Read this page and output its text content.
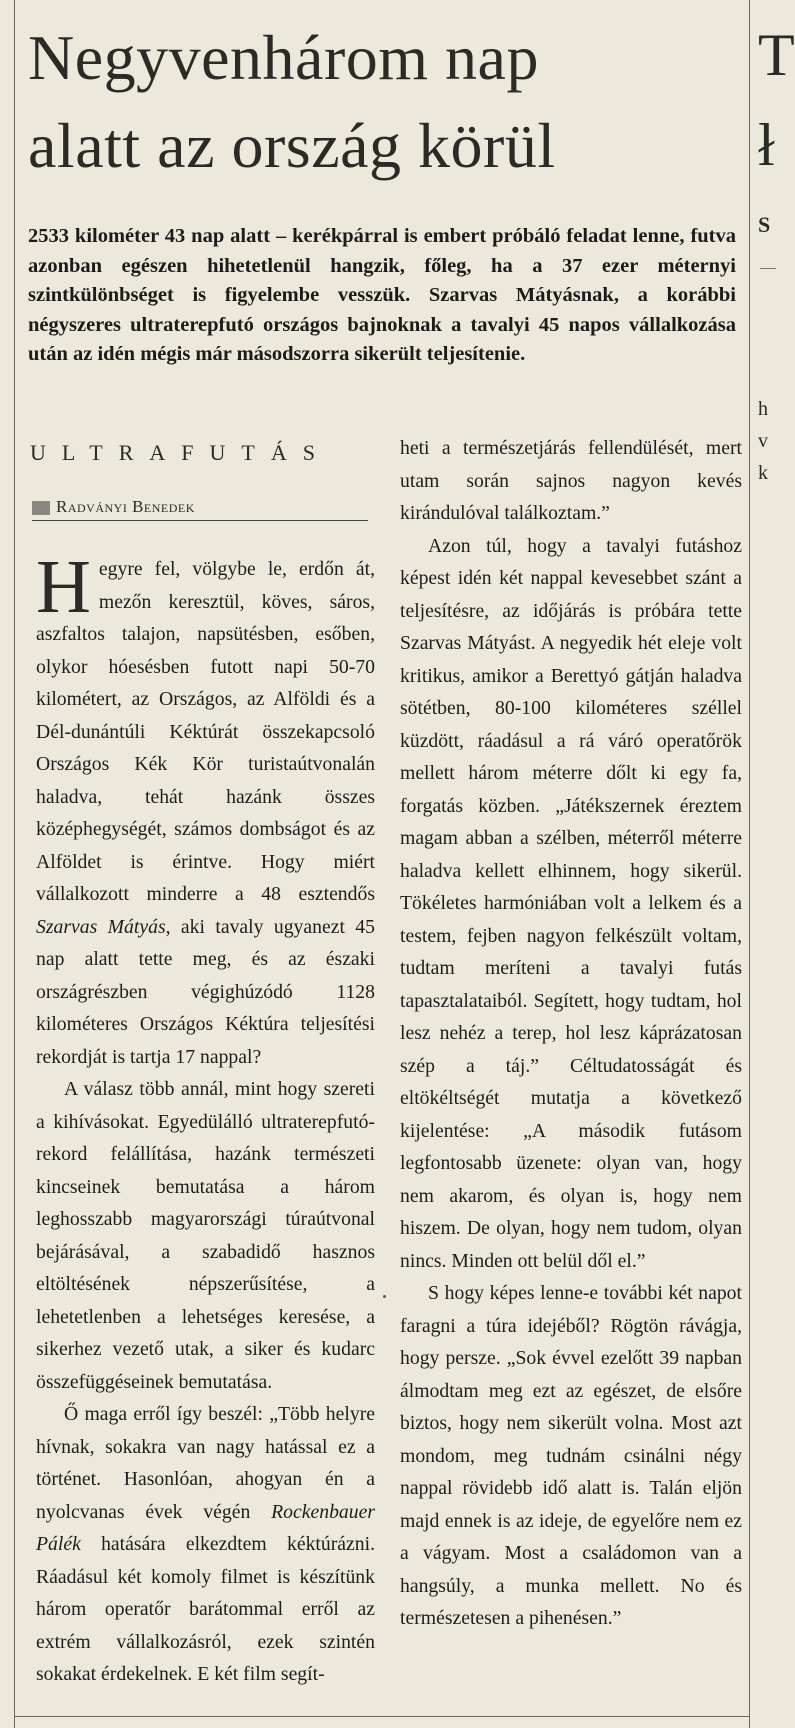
Negyvenhárom nap
alatt az ország körül

2533 kilométer 43 nap alatt – kerékpárral is embert próbáló feladat lenne, futva azonban egészen hihetetlenül hangzik, főleg, ha a 37 ezer méternyi szintkülönbséget is figyelembe vesszük. Szarvas Mátyásnak, a korábbi négyszeres ultraterepfutó országos bajnoknak a tavalyi 45 napos vállalkozása után az idén mégis már másodszorra sikerült teljesítenie.

ULTRAFUTÁS
Radványi Benedek

Hegyre fel, völgybe le, erdőn át, mezőn keresztül, köves, sáros, aszfaltos talajon, napsütésben, esőben, olykor hóesésben futott napi 50-70 kilométert, az Országos, az Alföldi és a Dél-dunántúli Kéktúrát összekapcsoló Országos Kék Kör turistaútvonalán haladva, tehát hazánk összes középhegységét, számos dombságot és az Alföldet is érintve. Hogy miért vállalkozott minderre a 48 esztendős Szarvas Mátyás, aki tavaly ugyanezt 45 nap alatt tette meg, és az északi országrészben végighúzódó 1128 kilométeres Országos Kéktúra teljesítési rekordját is tartja 17 nappal?

A válasz több annál, mint hogy szereti a kihívásokat. Egyedülálló ultraterepfutó-rekord felállítása, hazánk természeti kincseinek bemutatása a három leghosszabb magyarországi túraútvonal bejárásával, a szabadidő hasznos eltöltésének népszerűsítése, a lehetetlenben a lehetséges keresése, a sikerhez vezető utak, a siker és kudarc összefüggéseinek bemutatása.

Ő maga erről így beszél: „Több helyre hívnak, sokakra van nagy hatással ez a történet. Hasonlóan, ahogyan én a nyolcvanas évek végén Rockenbauer Pálék hatására elkezdtem kéktúrázni. Ráadásul két komoly filmet is készítünk három operatőr barátommal erről az extrém vállalkozásról, ezek szintén sokakat érdekelnek. E két film segít-

heti a természetjárás fellendülését, mert utam során sajnos nagyon kevés kirándulóval találkoztam.”

Azon túl, hogy a tavalyi futáshoz képest idén két nappal kevesebbet szánt a teljesítésre, az időjárás is próbára tette Szarvas Mátyást. A negyedik hét eleje volt kritikus, amikor a Berettyó gátján haladva sötétben, 80-100 kilométeres széllel küzdött, ráadásul a rá váró operatőrök mellett három méterre dőlt ki egy fa, forgatás közben. „Játékszernek éreztem magam abban a szélben, méterről méterre haladva kellett elhinnem, hogy sikerül. Tökéletes harmóniában volt a lelkem és a testem, fejben nagyon felkészült voltam, tudtam meríteni a tavalyi futás tapasztalataiból. Segített, hogy tudtam, hol lesz nehéz a terep, hol lesz káprázatosan szép a táj.” Céltudatosságát és eltökéltségét mutatja a következő kijelentése: „A második futásom legfontosabb üzenete: olyan van, hogy nem akarom, és olyan is, hogy nem hiszem. De olyan, hogy nem tudom, olyan nincs. Minden ott belül dől el.”

S hogy képes lenne-e további két napot faragni a túra idejéből? Rögtön rávágja, hogy persze. „Sok évvel ezelőtt 39 napban álmodtam meg ezt az egészet, de elsőre biztos, hogy nem sikerült volna. Most azt mondom, meg tudnám csinálni négy nappal rövidebb idő alatt is. Talán eljön majd ennek is az ideje, de egyelőre nem ez a vágyam. Most a családomon van a hangsúly, a munka mellett. No és természetesen a pihenésen.”

T
ł
S
h
v
k
